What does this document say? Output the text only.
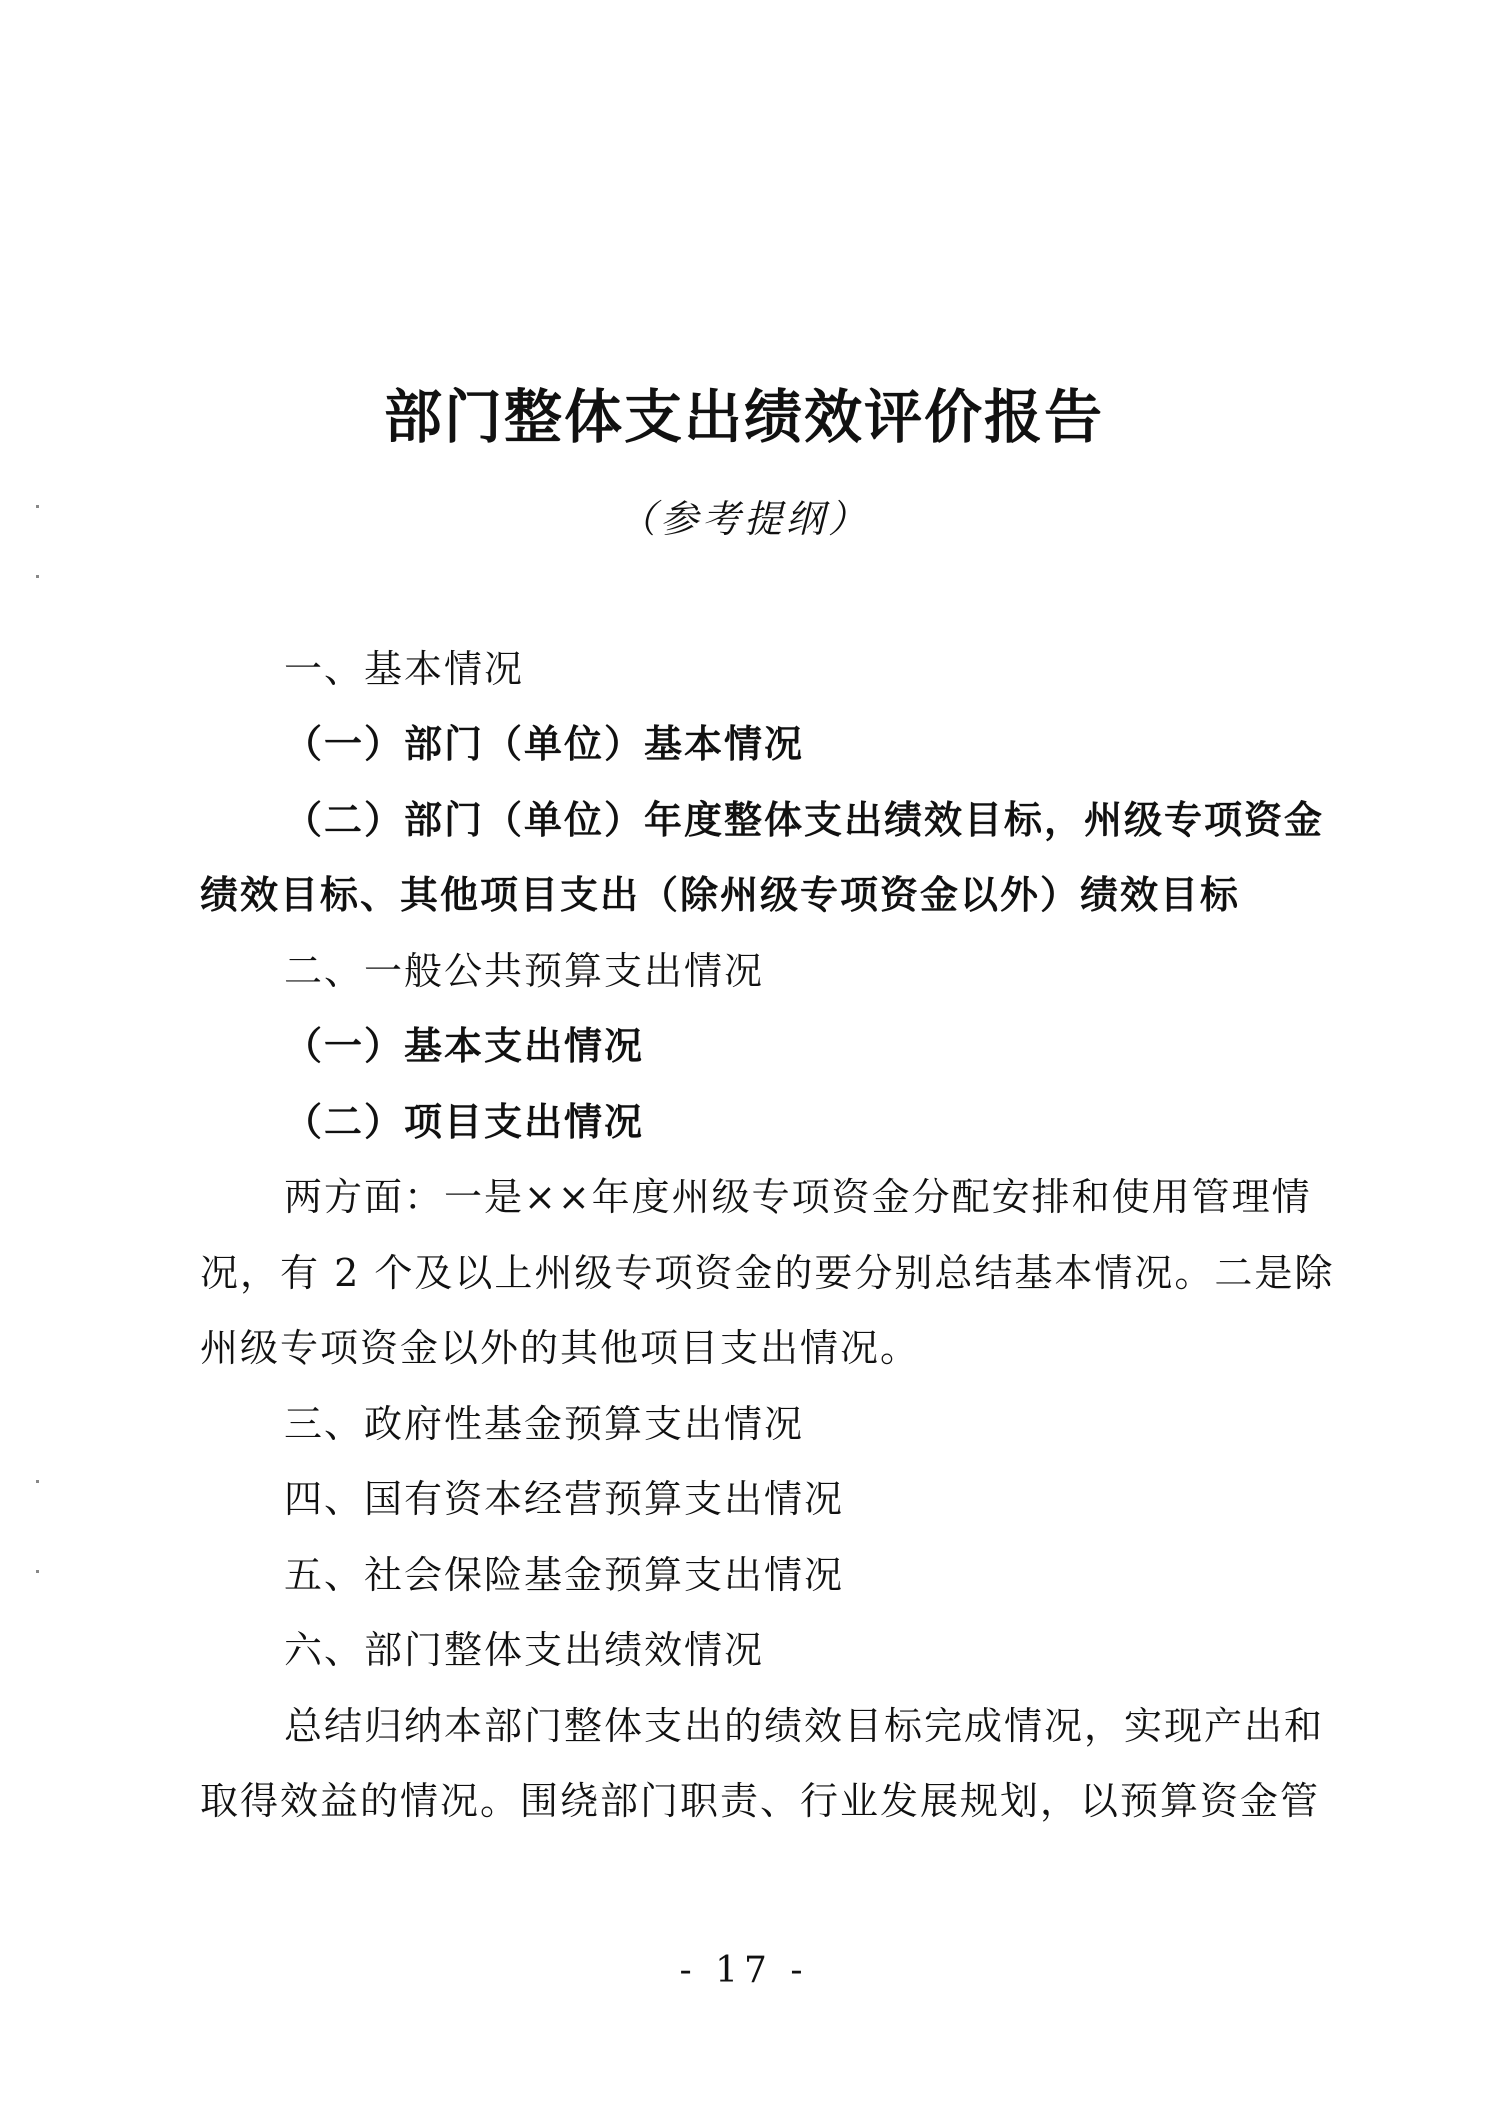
部门整体支出绩效评价报告
（参考提纲）
一、基本情况
（一）部门（单位）基本情况
（二）部门（单位）年度整体支出绩效目标，州级专项资金
绩效目标、其他项目支出（除州级专项资金以外）绩效目标
二、一般公共预算支出情况
（一）基本支出情况
（二）项目支出情况
两方面：一是××年度州级专项资金分配安排和使用管理情
况，有 2 个及以上州级专项资金的要分别总结基本情况。二是除
州级专项资金以外的其他项目支出情况。
三、政府性基金预算支出情况
四、国有资本经营预算支出情况
五、社会保险基金预算支出情况
六、部门整体支出绩效情况
总结归纳本部门整体支出的绩效目标完成情况，实现产出和
取得效益的情况。围绕部门职责、行业发展规划，以预算资金管
- 17 -
